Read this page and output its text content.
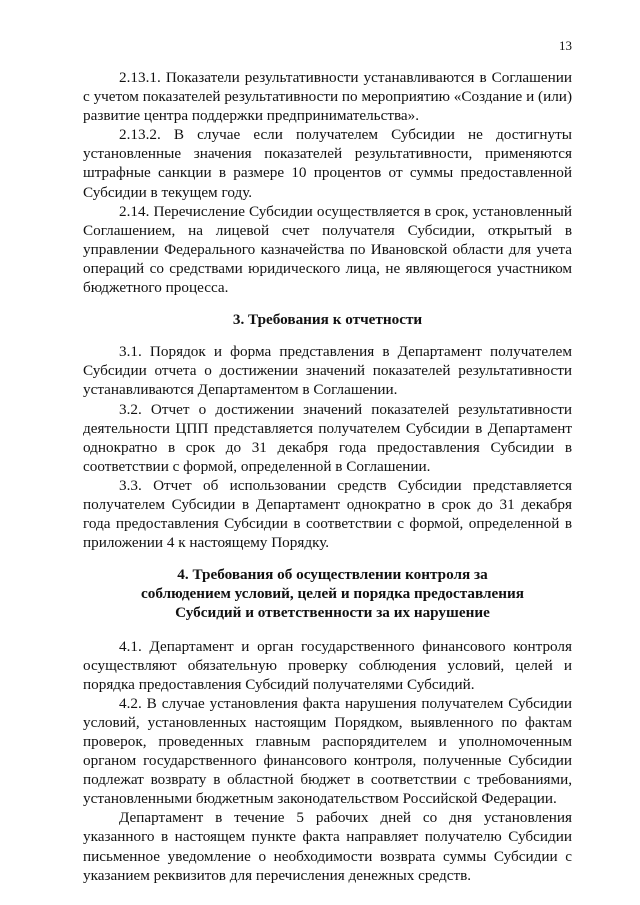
13

2.13.1. Показатели результативности устанавливаются в Соглашении с учетом показателей результативности по мероприятию «Создание и (или) развитие центра поддержки предпринимательства».

2.13.2. В случае если получателем Субсидии не достигнуты установленные значения показателей результативности, применяются штрафные санкции в размере 10 процентов от суммы предоставленной Субсидии в текущем году.

2.14. Перечисление Субсидии осуществляется в срок, установленный Соглашением, на лицевой счет получателя Субсидии, открытый в управлении Федерального казначейства по Ивановской области для учета операций со средствами юридического лица, не являющегося участником бюджетного процесса.

3. Требования к отчетности

3.1. Порядок и форма представления в Департамент получателем Субсидии отчета о достижении значений показателей результативности устанавливаются Департаментом в Соглашении.

3.2. Отчет о достижении значений показателей результативности деятельности ЦПП представляется получателем Субсидии в Департамент однократно в срок до 31 декабря года предоставления Субсидии в соответствии с формой, определенной в Соглашении.

3.3. Отчет об использовании средств Субсидии представляется получателем Субсидии в Департамент однократно в срок до 31 декабря года предоставления Субсидии в соответствии с формой, определенной в приложении 4 к настоящему Порядку.

4. Требования об осуществлении контроля за соблюдением условий, целей и порядка предоставления Субсидий и ответственности за их нарушение

4.1. Департамент и орган государственного финансового контроля осуществляют обязательную проверку соблюдения условий, целей и порядка предоставления Субсидий получателями Субсидий.

4.2. В случае установления факта нарушения получателем Субсидии условий, установленных настоящим Порядком, выявленного по фактам проверок, проведенных главным распорядителем и уполномоченным органом государственного финансового контроля, полученные Субсидии подлежат возврату в областной бюджет в соответствии с требованиями, установленными бюджетным законодательством Российской Федерации.

Департамент в течение 5 рабочих дней со дня установления указанного в настоящем пункте факта направляет получателю Субсидии письменное уведомление о необходимости возврата суммы Субсидии с указанием реквизитов для перечисления денежных средств.
